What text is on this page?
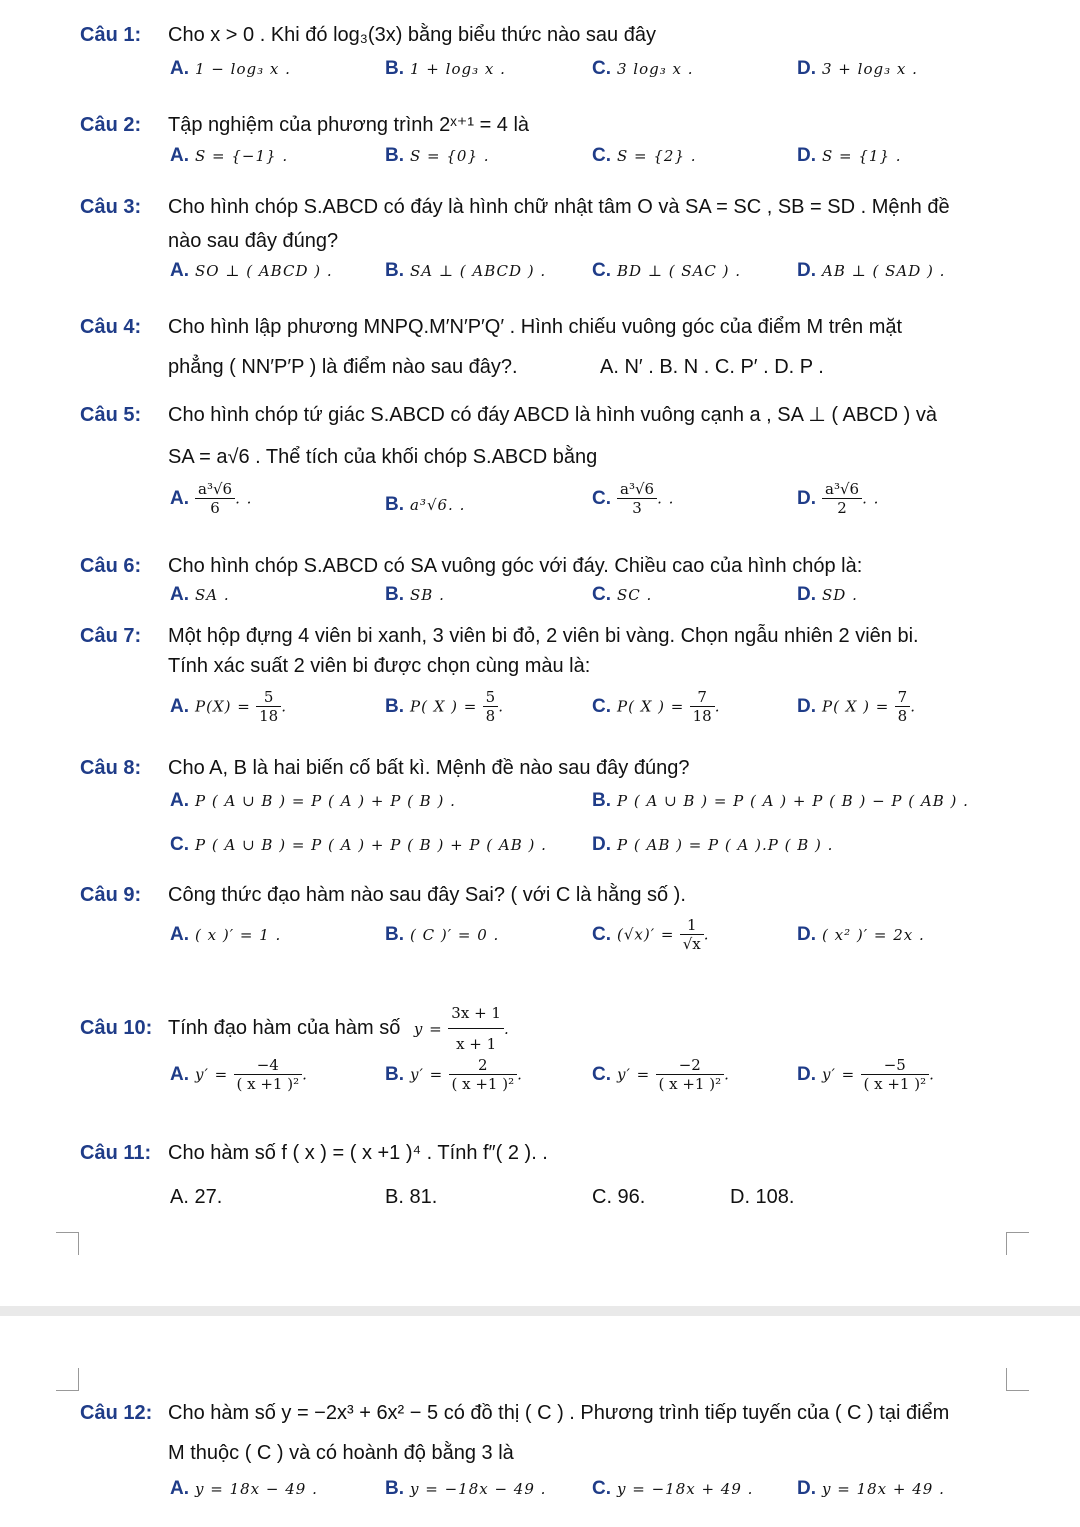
Câu 1: Cho x > 0 . Khi đó log₃(3x) bằng biểu thức nào sau đây
A. 1 − log₃ x .	B. 1 + log₃ x .	C. 3 log₃ x .	D. 3 + log₃ x .
Câu 2: Tập nghiệm của phương trình 2ˣ⁺¹ = 4 là
A. S = {−1} .	B. S = {0} .	C. S = {2} .	D. S = {1} .
Câu 3: Cho hình chóp S.ABCD có đáy là hình chữ nhật tâm O và SA = SC , SB = SD . Mệnh đề
nào sau đây đúng?
A. SO ⊥ ( ABCD ) .	B. SA ⊥ ( ABCD ) . C. BD ⊥ ( SAC ) .	D. AB ⊥ ( SAD ) .
Câu 4: Cho hình lập phương MNPQ.M′N′P′Q′ . Hình chiếu vuông góc của điểm M trên mặt
phẳng ( NN′P′P ) là điểm nào sau đây?.	A. N′ . B. N . C. P′ . D. P .
Câu 5: Cho hình chóp tứ giác S.ABCD có đáy ABCD là hình vuông cạnh a , SA ⊥ ( ABCD ) và
SA = a√6 . Thể tích của khối chóp S.ABCD bằng
A. $\frac{\text{a³√6}}{6}$ . .	B. a³√6. .	C. $\frac{\text{a³√6}}{3}$ . .	D. $\frac{\text{a³√6}}{2}$ . .
Câu 6: Cho hình chóp S.ABCD có SA vuông góc với đáy. Chiều cao của hình chóp là:
A. SA .	B. SB .	C. SC .	D. SD .
Câu 7: Một hộp đựng 4 viên bi xanh, 3 viên bi đỏ, 2 viên bi vàng. Chọn ngẫu nhiên 2 viên bi.
Tính xác suất 2 viên bi được chọn cùng màu là:
A. $P(X) = \frac{5}{18}$ .	B. P( X ) = $\frac{5}{8}$ .	C. P( X ) = $\frac{7}{18}$ .	D. P( X ) = $\frac{7}{8}$ .
Câu 8: Cho A, B là hai biến cố bất kì. Mệnh đề nào sau đây đúng?
A. P ( A ∪ B ) = P ( A ) + P ( B ) .	B. P ( A ∪ B ) = P ( A ) + P ( B ) − P ( AB ) .
C. P ( A ∪ B ) = P ( A ) + P ( B ) + P ( AB ) . D. P ( AB ) = P ( A ).P ( B ) .
Câu 9: Công thức đạo hàm nào sau đây Sai? ( với C là hằng số ).
A. ( x )′ = 1 .	B. ( C )′ = 0 .	C. $(√x)' = \frac{1}{√x}$ .	D. ( x² )′ = 2x .
Câu 10: Tính đạo hàm của hàm số $y = \frac{3x + 1}{x + 1}$ .
A. $y' = \frac{-4}{\text{( x +1 )²}}$ .	B. $y' = \frac{2}{\text{( x +1 )²}}$ .	C. $y' = \frac{-2}{\text{( x +1 )²}}$ .	D. $y' = \frac{-5}{\text{( x +1 )²}}$ .
Câu 11: Cho hàm số f ( x ) = ( x +1 )⁴ . Tính f″( 2 ). .
A. 27.	B. 81.	C. 96.	D. 108.
Câu 12: Cho hàm số y = −2x³ + 6x² − 5 có đồ thị ( C ) . Phương trình tiếp tuyến của ( C ) tại điểm
M thuộc ( C ) và có hoành độ bằng 3 là
A. y = 18x − 49 .	B. y = −18x − 49 . C. y = −18x + 49 . D. y = 18x + 49 .
